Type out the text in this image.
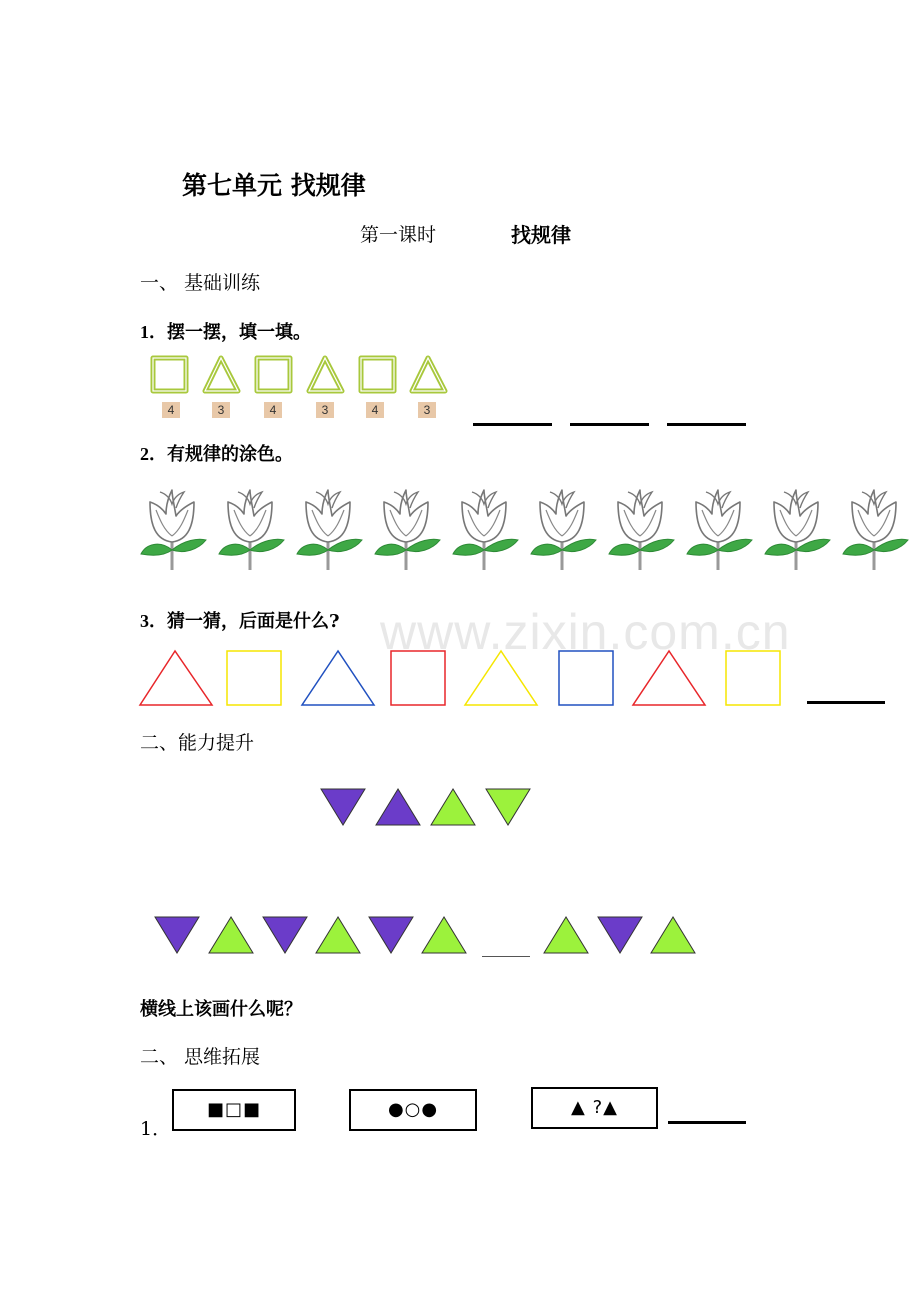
第七单元 找规律
第一课时	找规律
一、 基础训练
1．摆一摆，填一填。
4	3	4	3	4	3
2．有规律的涂色。
www.zixin.com.cn
3．猜一猜，后面是什么?
二、能力提升
横线上该画什么呢？
二、 思维拓展
1．
■□■	●○●	▲ ?▲
